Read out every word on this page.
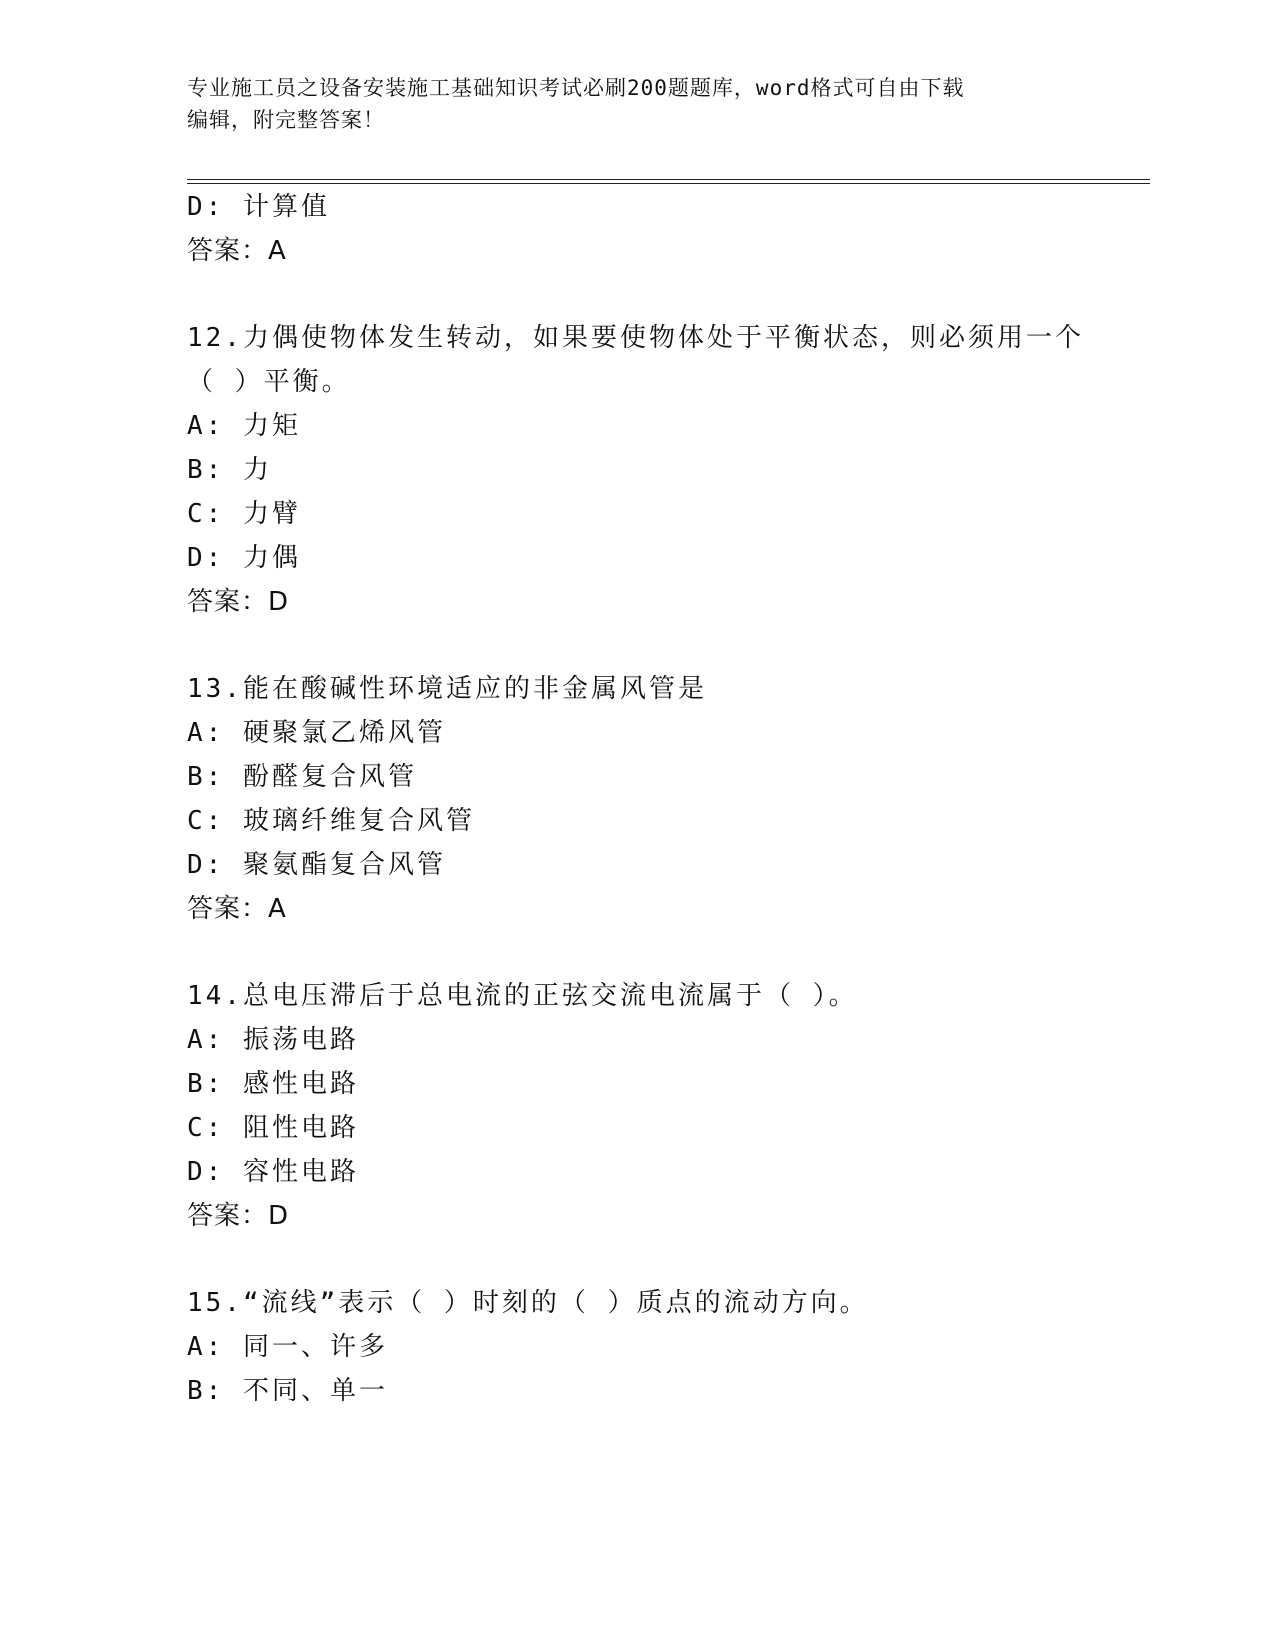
专业施工员之设备安装施工基础知识考试必刷200题题库，word格式可自由下载
编辑，附完整答案！
D: 计算值
答案：A
12.力偶使物体发生转动，如果要使物体处于平衡状态，则必须用一个
（ ）平衡。
A: 力矩
B: 力
C: 力臂
D: 力偶
答案：D
13.能在酸碱性环境适应的非金属风管是
A: 硬聚氯乙烯风管
B: 酚醛复合风管
C: 玻璃纤维复合风管
D: 聚氨酯复合风管
答案：A
14.总电压滞后于总电流的正弦交流电流属于（ ）。
A: 振荡电路
B: 感性电路
C: 阻性电路
D: 容性电路
答案：D
15.“流线”表示（ ）时刻的（ ）质点的流动方向。
A: 同一、许多
B: 不同、单一
